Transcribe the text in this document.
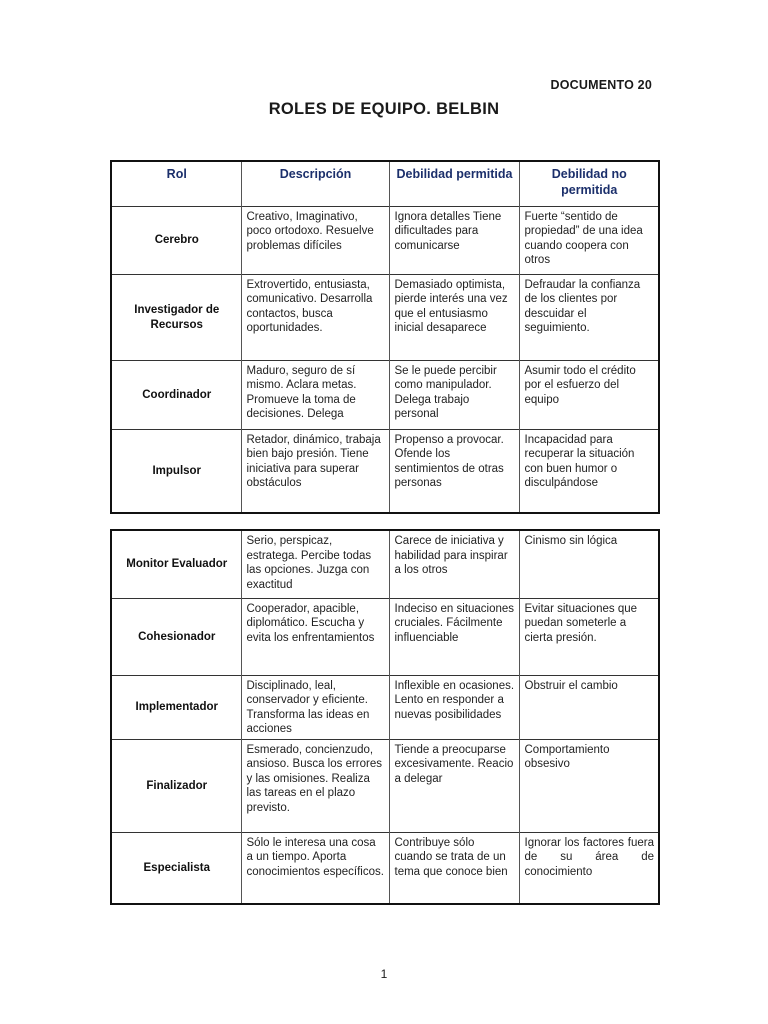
DOCUMENTO 20
ROLES DE EQUIPO. BELBIN
Rol	Descripción	Debilidad permitida	Debilidad no permitida
Cerebro	Creativo, Imaginativo, poco ortodoxo. Resuelve problemas difíciles	Ignora detalles Tiene dificultades para comunicarse	Fuerte “sentido de propiedad” de una idea cuando coopera con otros
Investigador de Recursos	Extrovertido, entusiasta, comunicativo. Desarrolla contactos, busca oportunidades.	Demasiado optimista, pierde interés una vez que el entusiasmo inicial desaparece	Defraudar la confianza de los clientes por descuidar el seguimiento.
Coordinador	Maduro, seguro de sí mismo. Aclara metas. Promueve la toma de decisiones. Delega	Se le puede percibir como manipulador. Delega trabajo personal	Asumir todo el crédito por el esfuerzo del equipo
Impulsor	Retador, dinámico, trabaja bien bajo presión. Tiene iniciativa para superar obstáculos	Propenso a provocar. Ofende los sentimientos de otras personas	Incapacidad para recuperar la situación con buen humor o disculpándose
Monitor Evaluador	Serio, perspicaz, estratega. Percibe todas las opciones. Juzga con exactitud	Carece de iniciativa y habilidad para inspirar a los otros	Cinismo sin lógica
Cohesionador	Cooperador, apacible, diplomático. Escucha y evita los enfrentamientos	Indeciso en situaciones cruciales. Fácilmente influenciable	Evitar situaciones que puedan someterle a cierta presión.
Implementador	Disciplinado, leal, conservador y eficiente. Transforma las ideas en acciones	Inflexible en ocasiones. Lento en responder a nuevas posibilidades	Obstruir el cambio
Finalizador	Esmerado, concienzudo, ansioso. Busca los errores y las omisiones. Realiza las tareas en el plazo previsto.	Tiende a preocuparse excesivamente. Reacio a delegar	Comportamiento obsesivo
Especialista	Sólo le interesa una cosa a un tiempo. Aporta conocimientos específicos.	Contribuye sólo cuando se trata de un tema que conoce bien	Ignorar los factores fuera de su área de conocimiento
1
